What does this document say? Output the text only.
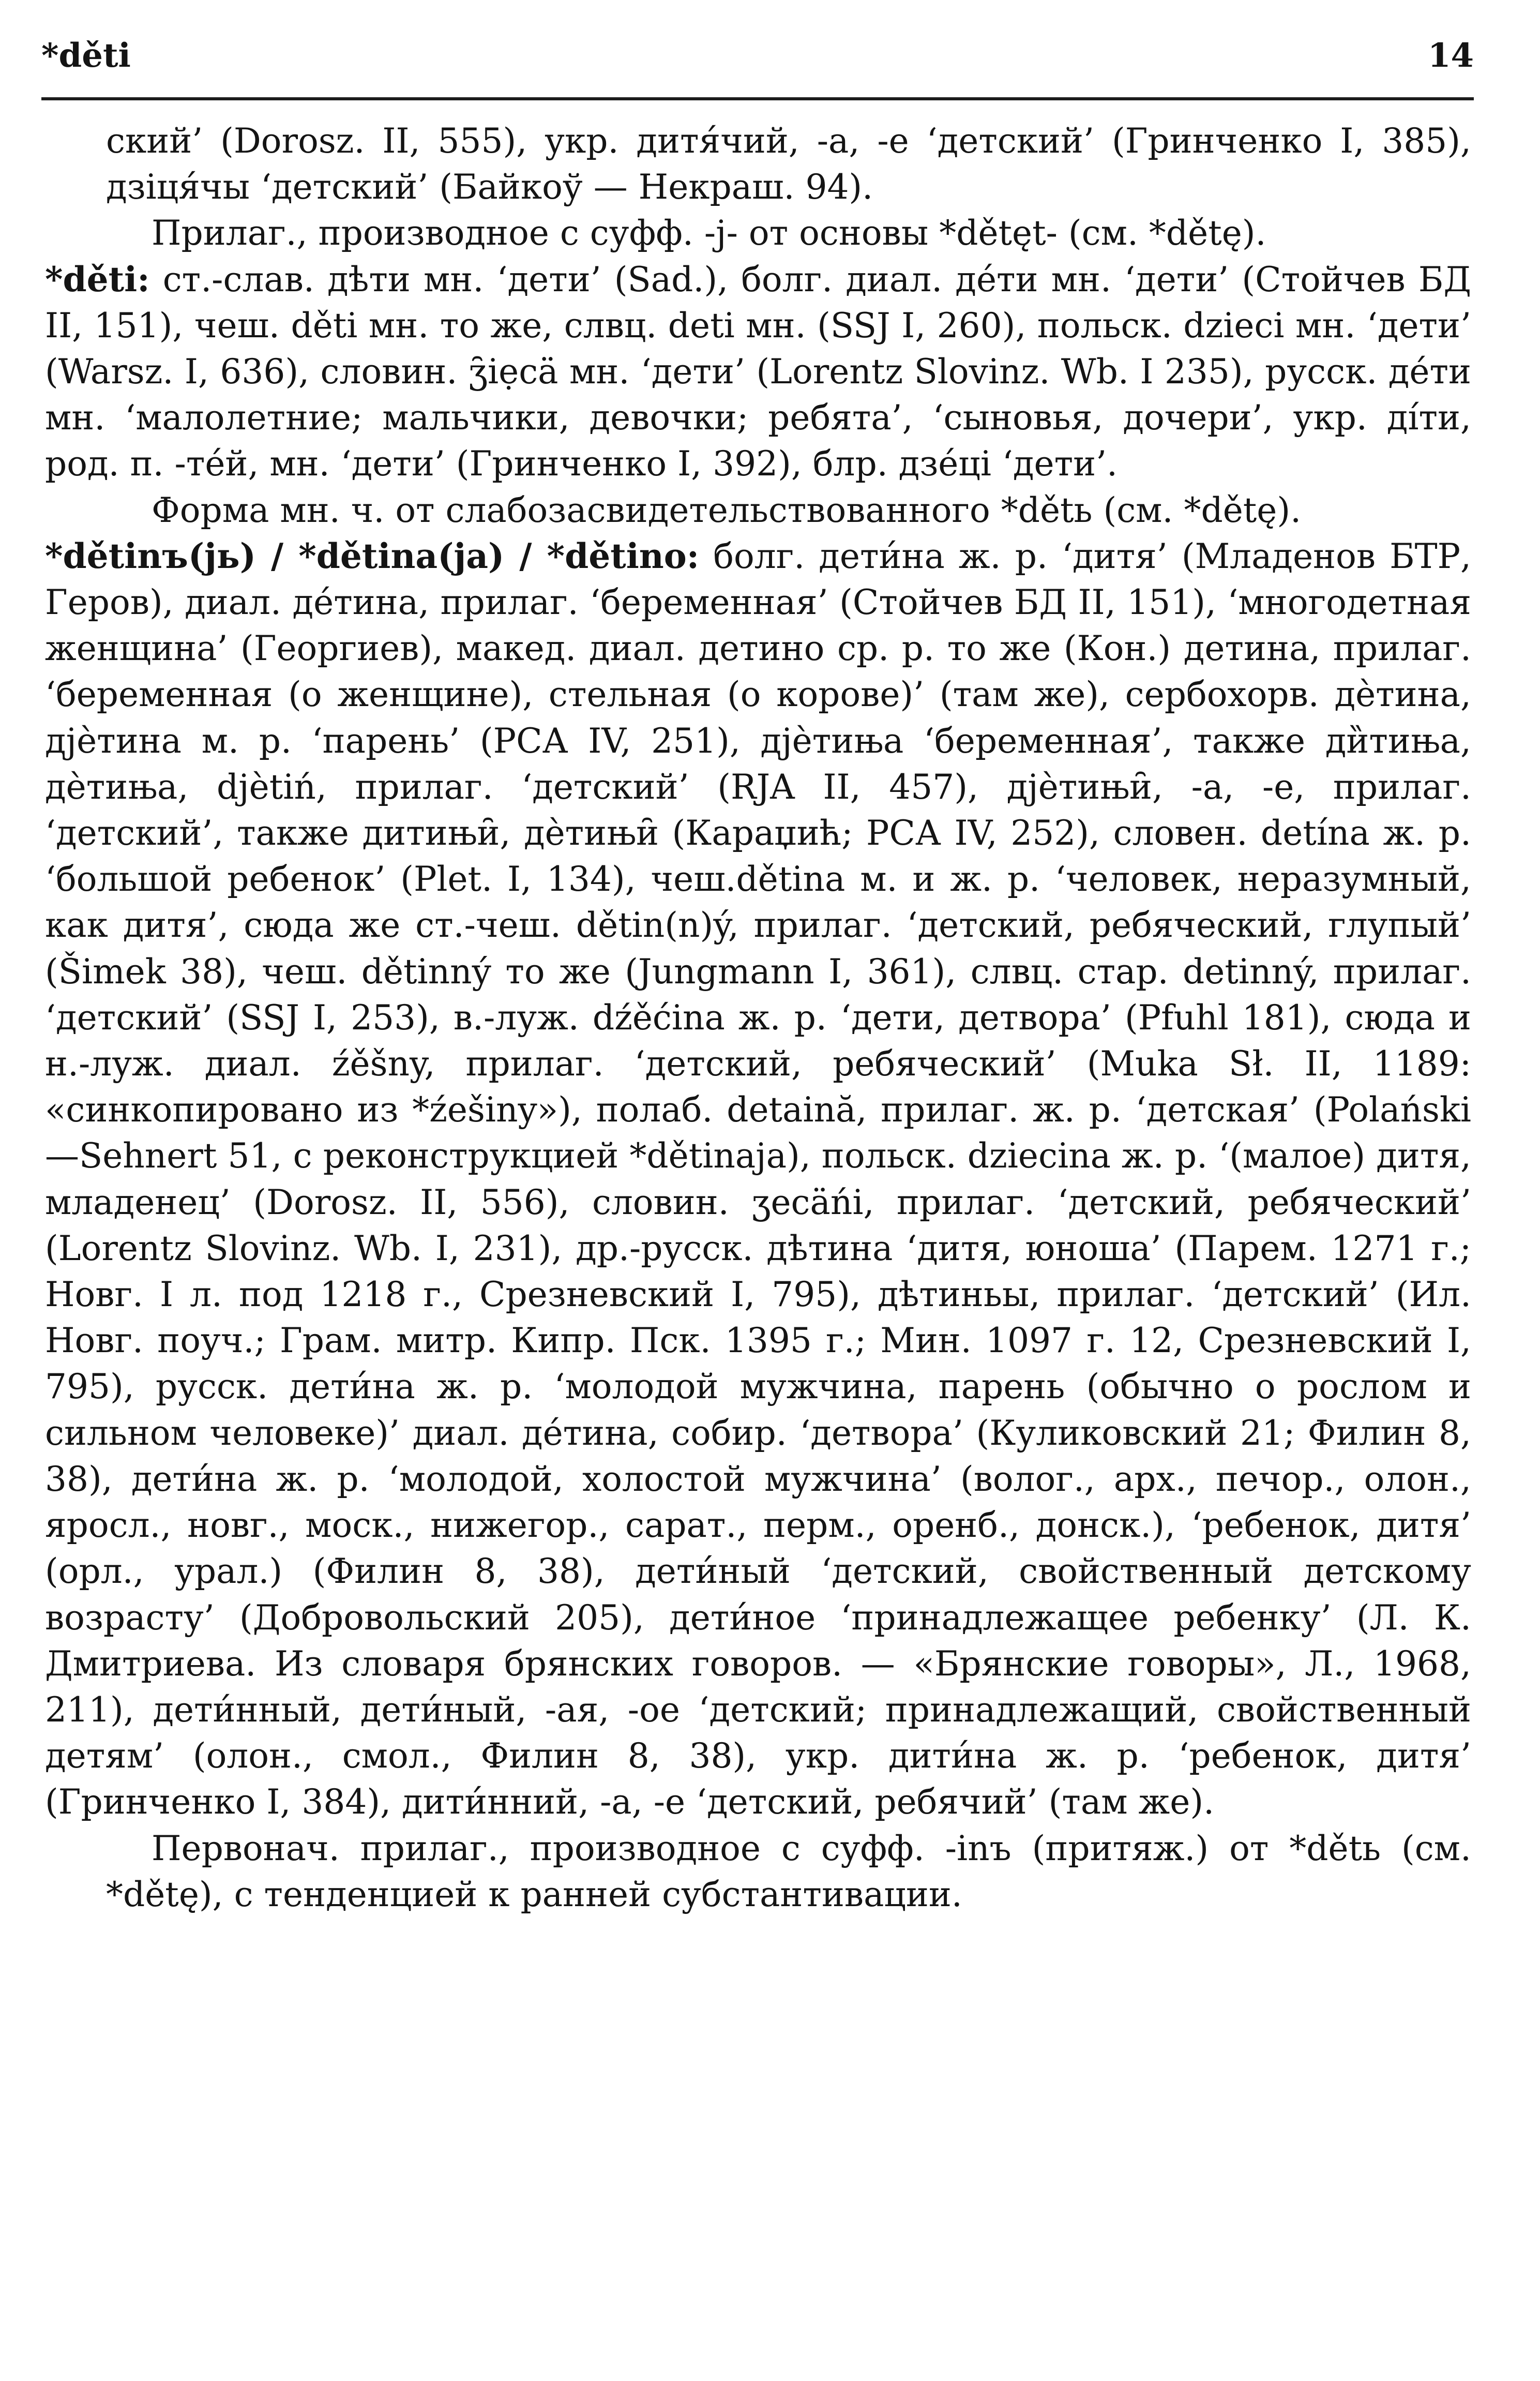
*děti	14

ский’ (Dorosz. II, 555), укр. дитя́чий, -а, -е ‘детский’ (Гринченко I, 385), дзiця́чы ‘детский’ (Байкоў — Некраш. 94).

Прилаг., производное с суфф. -j- от основы *dětęt- (см. *dětę).

*děti: ст.-слав. дѣти мн. ‘дети’ (Sad.), болг. диал. де́ти мн. ‘дети’ (Стойчев БД II, 151), чеш. děti мн. то же, слвц. deti мн. (SSJ I, 260), польск. dzieci мн. ‘дети’ (Warsz. I, 636), словин. ʒ̑iẹcä мн. ‘дети’ (Lorentz Slovinz. Wb. I 235), русск. де́ти мн. ‘малолетние; мальчики, девочки; ребята’, ‘сыновья, дочери’, укр. дíти, род. п. -те́й, мн. ‘дети’ (Гринченко I, 392), блр. дзе́цi ‘дети’.

Форма мн. ч. от слабозасвидетельствованного *dětь (см. *dětę).

*dětinъ(jь) / *dětina(ja) / *dětino: болг. дети́на ж. р. ‘дитя’ (Младенов БТР, Геров), диал. де́тина, прилаг. ‘беременная’ (Стойчев БД II, 151), ‘многодетная женщина’ (Георгиев), макед. диал. детино ср. р. то же (Кон.) детина, прилаг. ‘беременная (о женщине), стельная (о корове)’ (там же), сербохорв. дѐтина, дjѐтина м. р. ‘парень’ (РСА IV, 251), дjѐтиња ‘беременная’, также ди̏тиња, дѐтиња, djètiń, прилаг. ‘детский’ (RJA II, 457), дjѐтињи̑, -а, -е, прилаг. ‘детский’, также дитињи̑, дѐтињи̑ (Караџић; РСА IV, 252), словен. detína ж. р. ‘большой ребенок’ (Plet. I, 134), чеш.dětina м. и ж. р. ‘человек, неразумный, как дитя’, сюда же ст.-чеш. dětin(n)ý, прилаг. ‘детский, ребяческий, глупый’ (Šimek 38), чеш. dětinný то же (Jungmann I, 361), слвц. стар. detinný, прилаг. ‘детский’ (SSJ I, 253), в.-луж. dźěćina ж. р. ‘дети, детвора’ (Pfuhl 181), сюда и н.-луж. диал. źěšny, прилаг. ‘детский, ребяческий’ (Muka Sł. II, 1189: «синкопировано из *źešiny»), полаб. detaină, прилаг. ж. р. ‘детская’ (Polański—Sehnert 51, с реконструкцией *dětinaja), польск. dziecina ж. р. ‘(малое) дитя, младенец’ (Dorosz. II, 556), словин. ʒecäńi, прилаг. ‘детский, ребяческий’ (Lorentz Slovinz. Wb. I, 231), др.-русск. дѣтина ‘дитя, юноша’ (Парем. 1271 г.; Новг. I л. под 1218 г., Срезневский I, 795), дѣтиньы, прилаг. ‘детский’ (Ил. Новг. поуч.; Грам. митр. Кипр. Пск. 1395 г.; Мин. 1097 г. 12, Срезневский I, 795), русск. дети́на ж. р. ‘молодой мужчина, парень (обычно о рослом и сильном человеке)’ диал. де́тина, собир. ‘детвора’ (Куликовский 21; Филин 8, 38), дети́на ж. р. ‘молодой, холостой мужчина’ (волог., арх., печор., олон., яросл., новг., моск., нижегор., сарат., перм., оренб., донск.), ‘ребенок, дитя’ (орл., урал.) (Филин 8, 38), дети́ный ‘детский, свойственный детскому возрасту’ (Добровольский 205), дети́ное ‘принадлежащее ребенку’ (Л. К. Дмитриева. Из словаря брянских говоров. — «Брянские говоры», Л., 1968, 211), дети́нный, дети́ный, -ая, -ое ‘детский; принадлежащий, свойственный детям’ (олон., смол., Филин 8, 38), укр. дити́на ж. р. ‘ребенок, дитя’ (Гринченко I, 384), дити́нний, -а, -е ‘детский, ребячий’ (там же).

Первонач. прилаг., производное с суфф. -inъ (притяж.) от *dětь (см. *dětę), с тенденцией к ранней субстантивации.
